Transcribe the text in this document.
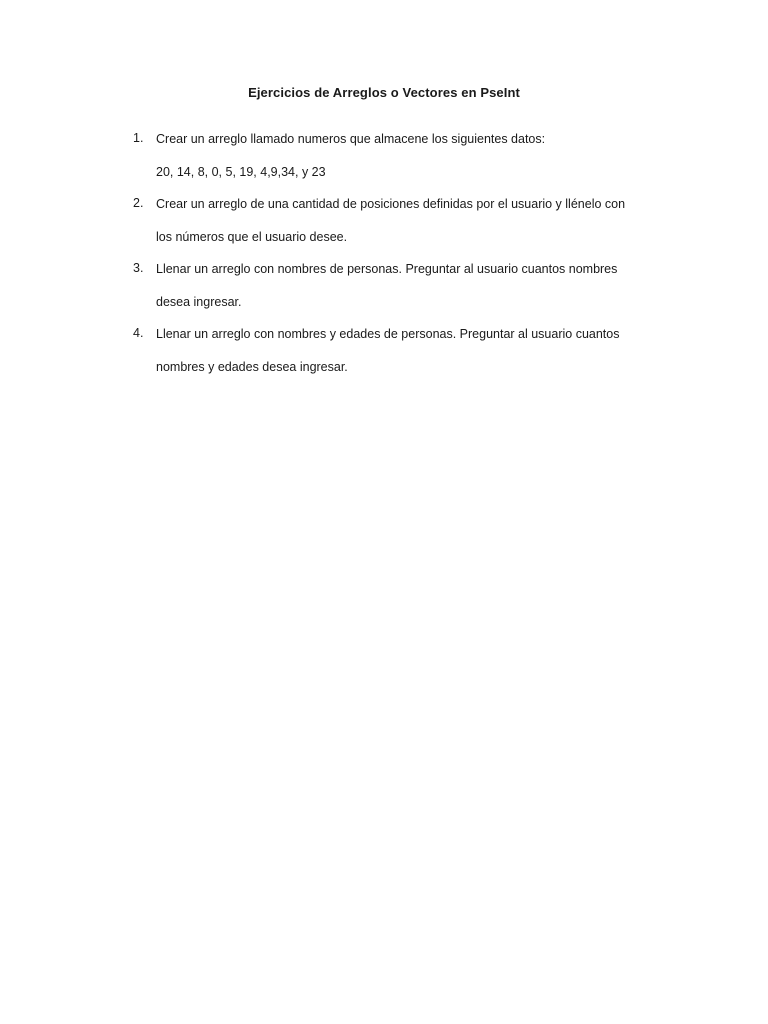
Ejercicios de Arreglos o Vectores en PseInt
1. Crear un arreglo llamado numeros que almacene los siguientes datos:
20, 14, 8, 0, 5, 19, 4,9,34, y 23
2. Crear un arreglo de una cantidad de posiciones definidas por el usuario y llénelo con
los números que el usuario desee.
3. Llenar un arreglo con nombres de personas. Preguntar al usuario cuantos nombres
desea ingresar.
4. Llenar un arreglo con nombres y edades de personas. Preguntar al usuario cuantos
nombres y edades desea ingresar.
